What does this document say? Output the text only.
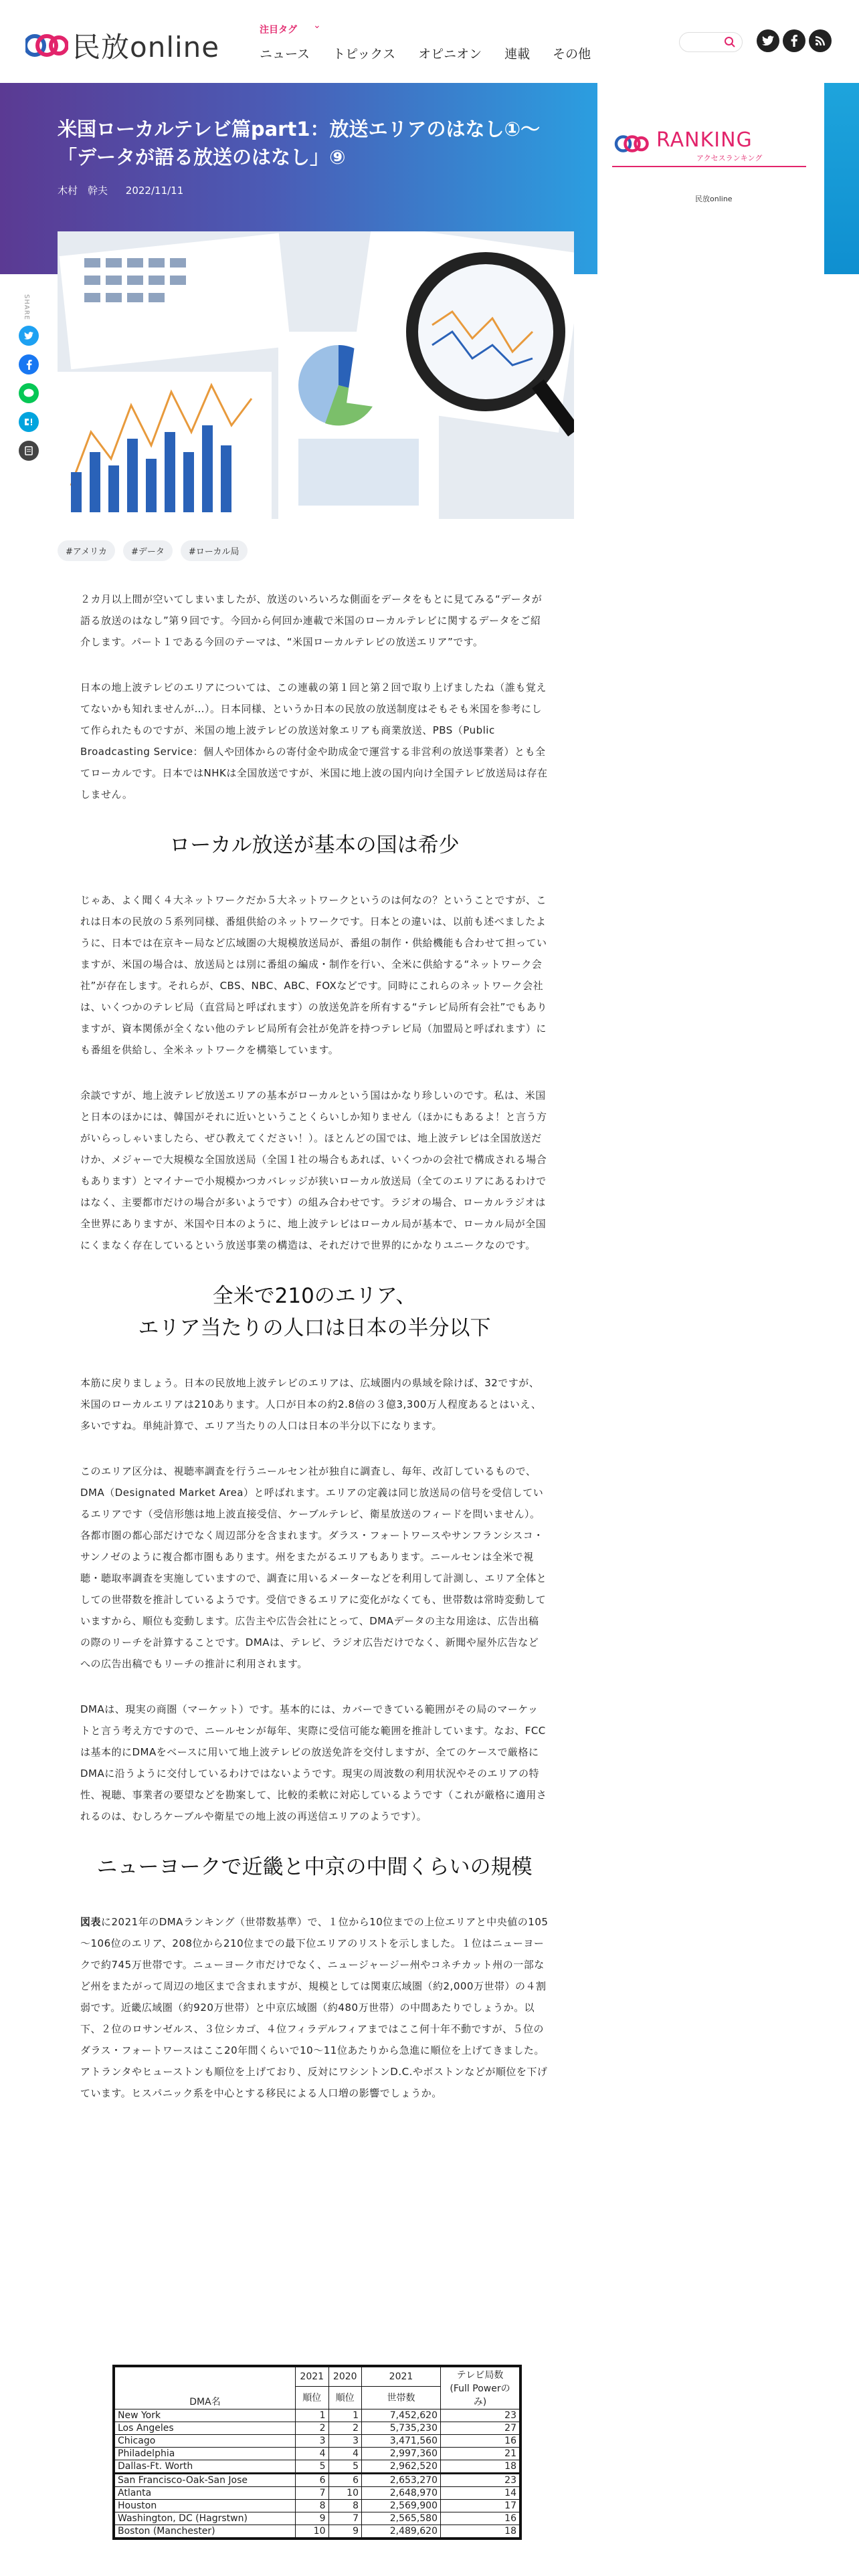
民放online
注目タグ ⌄
ニュース トピックス オピニオン 連載 その他
米国ローカルテレビ篇part1：放送エリアのはなし①～「データが語る放送のはなし」⑨
木村　幹夫 2022/11/11
RANKING
アクセスランキング
民放online
SHARE
#アメリカ	#データ	#ローカル局

２カ月以上間が空いてしまいましたが、放送のいろいろな側面をデータをもとに見てみる“データが語る放送のはなし”第９回です。今回から何回か連載で米国のローカルテレビに関するデータをご紹介します。パート１である今回のテーマは、“米国ローカルテレビの放送エリア”です。

日本の地上波テレビのエリアについては、この連載の第１回と第２回で取り上げましたね（誰も覚えてないかも知れませんが…）。日本同様、というか日本の民放の放送制度はそもそも米国を参考にして作られたものですが、米国の地上波テレビの放送対象エリアも商業放送、PBS（Public Broadcasting Service：個人や団体からの寄付金や助成金で運営する非営利の放送事業者）とも全てローカルです。日本ではNHKは全国放送ですが、米国に地上波の国内向け全国テレビ放送局は存在しません。

ローカル放送が基本の国は希少

じゃあ、よく聞く４大ネットワークだか５大ネットワークというのは何なの？ということですが、これは日本の民放の５系列同様、番組供給のネットワークです。日本との違いは、以前も述べましたように、日本では在京キー局など広域圏の大規模放送局が、番組の制作・供給機能も合わせて担っていますが、米国の場合は、放送局とは別に番組の編成・制作を行い、全米に供給する“ネットワーク会社”が存在します。それらが、CBS、NBC、ABC、FOXなどです。同時にこれらのネットワーク会社は、いくつかのテレビ局（直営局と呼ばれます）の放送免許を所有する“テレビ局所有会社”でもありますが、資本関係が全くない他のテレビ局所有会社が免許を持つテレビ局（加盟局と呼ばれます）にも番組を供給し、全米ネットワークを構築しています。

余談ですが、地上波テレビ放送エリアの基本がローカルという国はかなり珍しいのです。私は、米国と日本のほかには、韓国がそれに近いということくらいしか知りません（ほかにもあるよ！と言う方がいらっしゃいましたら、ぜひ教えてください！）。ほとんどの国では、地上波テレビは全国放送だけか、メジャーで大規模な全国放送局（全国１社の場合もあれば、いくつかの会社で構成される場合もあります）とマイナーで小規模かつカバレッジが狭いローカル放送局（全てのエリアにあるわけではなく、主要都市だけの場合が多いようです）の組み合わせです。ラジオの場合、ローカルラジオは全世界にありますが、米国や日本のように、地上波テレビはローカル局が基本で、ローカル局が全国にくまなく存在しているという放送事業の構造は、それだけで世界的にかなりユニークなのです。

全米で210のエリア、
エリア当たりの人口は日本の半分以下

本筋に戻りましょう。日本の民放地上波テレビのエリアは、広域圏内の県域を除けば、32ですが、米国のローカルエリアは210あります。人口が日本の約2.8倍の３億3,300万人程度あるとはいえ、多いですね。単純計算で、エリア当たりの人口は日本の半分以下になります。

このエリア区分は、視聴率調査を行うニールセン社が独自に調査し、毎年、改訂しているもので、DMA（Designated Market Area）と呼ばれます。エリアの定義は同じ放送局の信号を受信しているエリアです（受信形態は地上波直接受信、ケーブルテレビ、衛星放送のフィードを問いません）。各都市圏の都心部だけでなく周辺部分を含まれます。ダラス・フォートワースやサンフランシスコ・サンノゼのように複合都市圏もあります。州をまたがるエリアもあります。ニールセンは全米で視聴・聴取率調査を実施していますので、調査に用いるメーターなどを利用して計測し、エリア全体としての世帯数を推計しているようです。受信できるエリアに変化がなくても、世帯数は常時変動していますから、順位も変動します。広告主や広告会社にとって、DMAデータの主な用途は、広告出稿の際のリーチを計算することです。DMAは、テレビ、ラジオ広告だけでなく、新聞や屋外広告などへの広告出稿でもリーチの推計に利用されます。

DMAは、現実の商圏（マーケット）です。基本的には、カバーできている範囲がその局のマーケットと言う考え方ですので、ニールセンが毎年、実際に受信可能な範囲を推計しています。なお、FCCは基本的にDMAをベースに用いて地上波テレビの放送免許を交付しますが、全てのケースで厳格にDMAに沿うように交付しているわけではないようです。現実の周波数の利用状況やそのエリアの特性、視聴、事業者の要望などを勘案して、比較的柔軟に対応しているようです（これが厳格に適用されるのは、むしろケーブルや衛星での地上波の再送信エリアのようです）。

ニューヨークで近畿と中京の中間くらいの規模

図表に2021年のDMAランキング（世帯数基準）で、１位から10位までの上位エリアと中央値の105～106位のエリア、208位から210位までの最下位エリアのリストを示しました。１位はニューヨークで約745万世帯です。ニューヨーク市だけでなく、ニュージャージー州やコネチカット州の一部など州をまたがって周辺の地区まで含まれますが、規模としては関東広域圏（約2,000万世帯）の４割弱です。近畿広域圏（約920万世帯）と中京広域圏（約480万世帯）の中間あたりでしょうか。以下、２位のロサンゼルス、３位シカゴ、４位フィラデルフィアまではここ何十年不動ですが、５位のダラス・フォートワースはここ20年間くらいで10～11位あたりから急進に順位を上げてきました。アトランタやヒューストンも順位を上げており、反対にワシントンD.C.やボストンなどが順位を下げています。ヒスパニック系を中心とする移民による人口増の影響でしょうか。

DMA名	2021	2020	2021	テレビ局数
(Full Powerのみ)
	順位	順位	世帯数	
New York	1	1	7,452,620	23
Los Angeles	2	2	5,735,230	27
Chicago	3	3	3,471,560	16
Philadelphia	4	4	2,997,360	21
Dallas-Ft. Worth	5	5	2,962,520	18
San Francisco-Oak-San Jose	6	6	2,653,270	23
Atlanta	7	10	2,648,970	14
Houston	8	8	2,569,900	17
Washington, DC (Hagrstwn)	9	7	2,565,580	16
Boston (Manchester)	10	9	2,489,620	18
